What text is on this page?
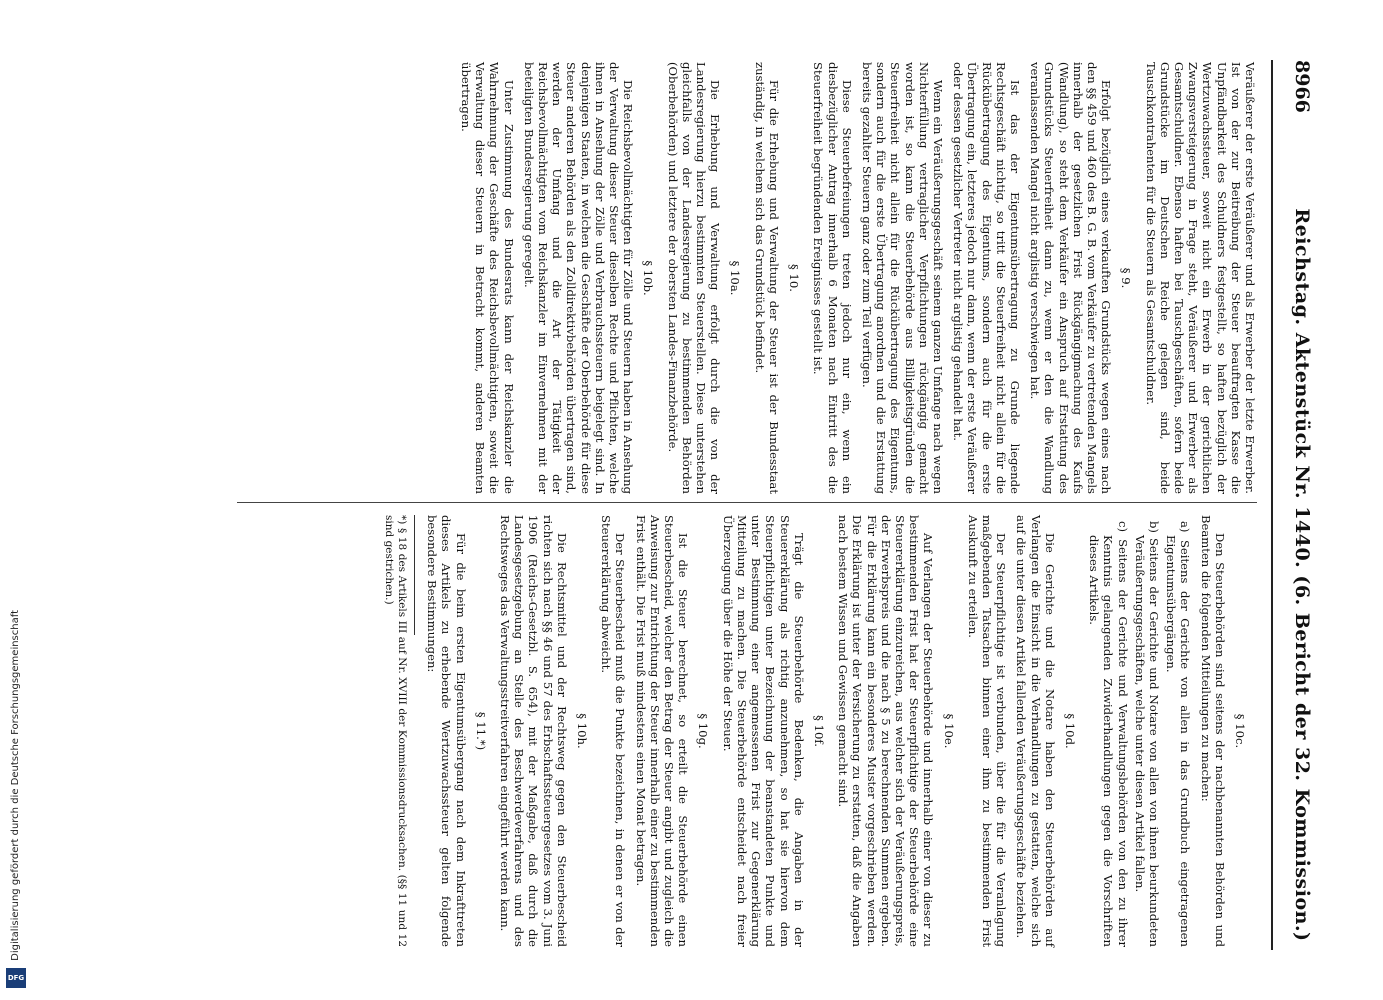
8966
Reichstag. Aktenstück Nr. 1440. (6. Bericht der 32. Kommission.)

Veräußerer der erste Veräußerer und als Erwerber der letzte Erwerber. Ist von der zur Beitreibung der Steuer beauftragten Kasse die Unpfändbarkeit des Schuldners festgestellt, so haften bezüglich der Wertzuwachssteuer, soweit nicht ein Erwerb in der gerichtlichen Zwangsversteigerung in Frage steht, Veräußerer und Erwerber als Gesamtschuldner. Ebenso haften bei Tauschgeschäften, sofern beide Grundstücke im Deutschen Reiche gelegen sind, beide Tauschkontrahenten für die Steuern als Gesamtschuldner.

§ 9.

Erfolgt bezüglich eines verkauften Grundstücks wegen eines nach den §§ 459 und 460 des B. G. B. vom Verkäufer zu vertretenden Mangels innerhalb der gesetzlichen Frist Rückgängigmachung des Kaufs (Wandlung), so steht dem Verkäufer ein Anspruch auf Erstattung des Grundstücks Steuerfreiheit dann zu, wenn er den die Wandlung veranlassenden Mangel nicht arglistig verschwiegen hat.

Ist das der Eigentumsübertragung zu Grunde liegende Rechtsgeschäft nichtig, so tritt die Steuerfreiheit nicht allein für die Rückübertragung des Eigentums, sondern auch für die erste Übertragung ein, letzteres jedoch nur dann, wenn der erste Veräußerer oder dessen gesetzlicher Vertreter nicht arglistig gehandelt hat.

Wenn ein Veräußerungsgeschäft seinem ganzen Umfange nach wegen Nichterfüllung vertraglicher Verpflichtungen rückgängig gemacht worden ist, so kann die Steuerbehörde aus Billigkeitsgründen die Steuerfreiheit nicht allein für die Rückübertragung des Eigentums, sondern auch für die erste Übertragung anordnen und die Erstattung bereits gezahlter Steuern ganz oder zum Teil verfügen.

Diese Steuerbefreiungen treten jedoch nur ein, wenn ein diesbezüglicher Antrag innerhalb 6 Monaten nach Eintritt des die Steuerfreiheit begründenden Ereignisses gestellt ist.

§ 10.

Für die Erhebung und Verwaltung der Steuer ist der Bundesstaat zuständig, in welchem sich das Grundstück befindet.

§ 10a.

Die Erhebung und Verwaltung erfolgt durch die von der Landesregierung hierzu bestimmten Steuerstellen. Diese unterstehen gleichfalls von der Landesregierung zu bestimmenden Behörden (Oberbehörden) und letztere der obersten Landes-Finanzbehörde.

§ 10b.

Die Reichsbevollmächtigten für Zölle und Steuern haben in Ansehung der Verwaltung dieser Steuer dieselben Rechte und Pflichten, welche ihnen in Ansehung der Zölle und Verbrauchssteuern beigelegt sind. In denjenigen Staaten, in welchen die Geschäfte der Oberbehörde für diese Steuer anderen Behörden als den Zolldirektivbehörden übertragen sind, werden der Umfang und die Art der Tätigkeit der Reichsbevollmächtigten vom Reichskanzler im Einvernehmen mit der beteiligten Bundesregierung geregelt.

Unter Zustimmung des Bundesrats kann der Reichskanzler die Wahrnehmung der Geschäfte des Reichsbevollmächtigten, soweit die Verwaltung dieser Steuern in Betracht kommt, anderen Beamten übertragen.

§ 10c.

Den Steuerbehörden sind seitens der nachbenannten Behörden und Beamten die folgenden Mitteilungen zu machen:

a) Seitens der Gerichte von allen in das Grundbuch eingetragenen Eigentumsübergängen.
b) Seitens der Gerichte und Notare von allen von ihnen beurkundeten Veräußerungsgeschäften, welche unter diesen Artikel fallen.
c) Seitens der Gerichte und Verwaltungsbehörden von den zu ihrer Kenntnis gelangenden Zuwiderhandlungen gegen die Vorschriften dieses Artikels.
§ 10d.

Die Gerichte und die Notare haben den Steuerbehörden auf Verlangen die Einsicht in die Verhandlungen zu gestatten, welche sich auf die unter diesen Artikel fallenden Veräußerungsgeschäfte beziehen.

Der Steuerpflichtige ist verbunden, über die für die Veranlagung maßgebenden Tatsachen binnen einer ihm zu bestimmenden Frist Auskunft zu erteilen.

§ 10e.

Auf Verlangen der Steuerbehörde und innerhalb einer von dieser zu bestimmenden Frist hat der Steuerpflichtige der Steuerbehörde eine Steuererklärung einzureichen, aus welcher sich der Veräußerungspreis, der Erwerbspreis und die nach § 5 zu berechnenden Summen ergeben. Für die Erklärung kann ein besonderes Muster vorgeschrieben werden. Die Erklärung ist unter der Versicherung zu erstatten, daß die Angaben nach bestem Wissen und Gewissen gemacht sind.

§ 10f.

Trägt die Steuerbehörde Bedenken, die Angaben in der Steuererklärung als richtig anzunehmen, so hat sie hiervon dem Steuerpflichtigen unter Bezeichnung der beanstandeten Punkte und unter Bestimmung einer angemessenen Frist zur Gegenerklärung Mitteilung zu machen. Die Steuerbehörde entscheidet nach freier Überzeugung über die Höhe der Steuer.

§ 10g.

Ist die Steuer berechnet, so erteilt die Steuerbehörde einen Steuerbescheid, welcher den Betrag der Steuer angibt und zugleich die Anweisung zur Entrichtung der Steuer innerhalb einer zu bestimmenden Frist enthält. Die Frist muß mindestens einen Monat betragen.

Der Steuerbescheid muß die Punkte bezeichnen, in denen er von der Steuererklärung abweicht.

§ 10h.

Die Rechtsmittel und der Rechtsweg gegen den Steuerbescheid richten sich nach §§ 46 und 57 des Erbschaftssteuergesetzes vom 3. Juni 1906 (Reichs-Gesetzbl. S. 654), mit der Maßgabe, daß durch die Landesgesetzgebung an Stelle des Beschwerdeverfahrens und des Rechtsweges das Verwaltungsstreitverfahren eingeführt werden kann.

§ 11.*)

Für die beim ersten Eigentumsübergang nach dem Inkrafttreten dieses Artikels zu erhebende Wertzuwachssteuer gelten folgende besondere Bestimmungen:

*) § 18 des Artikels III auf Nr. XVIII der Kommissionsdrucksachen. (§§ 11 und 12 sind gestrichen.)

Digitalisierung gefördert durch die Deutsche Forschungsgemeinschaft
DFG
